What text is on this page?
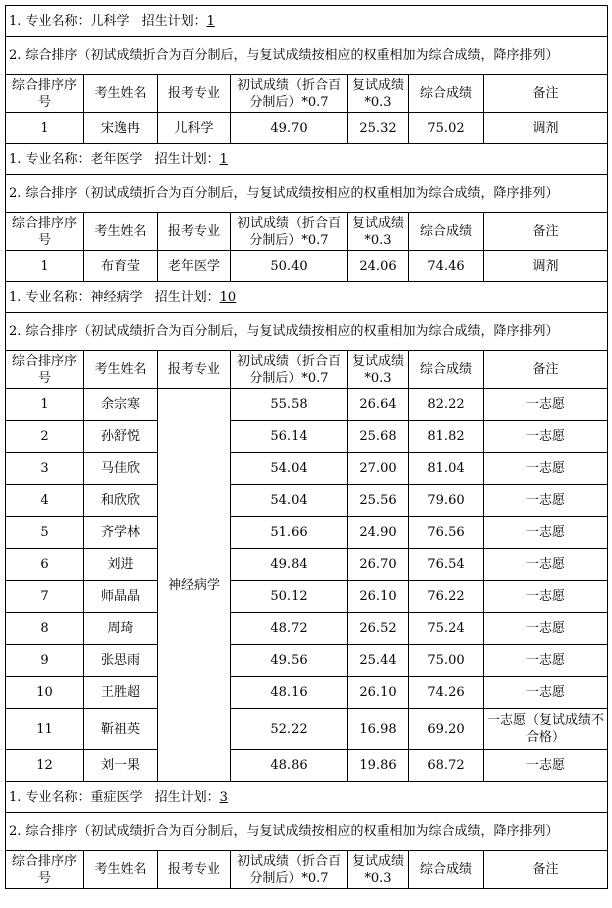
1. 专业名称：儿科学 招生计划：1						
2. 综合排序（初试成绩折合为百分制后，与复试成绩按相应的权重相加为综合成绩，降序排列）						
综合排序序号	考生姓名	报考专业	初试成绩（折合百分制后）*0.7	复试成绩*0.3	综合成绩	备注
1	宋逸冉	儿科学	49.70	25.32	75.02	调剂
1. 专业名称：老年医学 招生计划：1						
2. 综合排序（初试成绩折合为百分制后，与复试成绩按相应的权重相加为综合成绩，降序排列）						
综合排序序号	考生姓名	报考专业	初试成绩（折合百分制后）*0.7	复试成绩*0.3	综合成绩	备注
1	布育莹	老年医学	50.40	24.06	74.46	调剂
1. 专业名称：神经病学 招生计划：10						
2. 综合排序（初试成绩折合为百分制后，与复试成绩按相应的权重相加为综合成绩，降序排列）						
综合排序序号	考生姓名	报考专业	初试成绩（折合百分制后）*0.7	复试成绩*0.3	综合成绩	备注
1	余宗寒	神经病学	55.58	26.64	82.22	一志愿
2	孙舒悦		56.14	25.68	81.82	一志愿
3	马佳欣		54.04	27.00	81.04	一志愿
4	和欣欣		54.04	25.56	79.60	一志愿
5	齐学林		51.66	24.90	76.56	一志愿
6	刘进		49.84	26.70	76.54	一志愿
7	师晶晶		50.12	26.10	76.22	一志愿
8	周琦		48.72	26.52	75.24	一志愿
9	张思雨		49.56	25.44	75.00	一志愿
10	王胜超		48.16	26.10	74.26	一志愿
11	靳祖英		52.22	16.98	69.20	一志愿（复试成绩不合格）
12	刘一果		48.86	19.86	68.72	一志愿
1. 专业名称：重症医学 招生计划：3						
2. 综合排序（初试成绩折合为百分制后，与复试成绩按相应的权重相加为综合成绩，降序排列）						
综合排序序号	考生姓名	报考专业	初试成绩（折合百分制后）*0.7	复试成绩*0.3	综合成绩	备注
